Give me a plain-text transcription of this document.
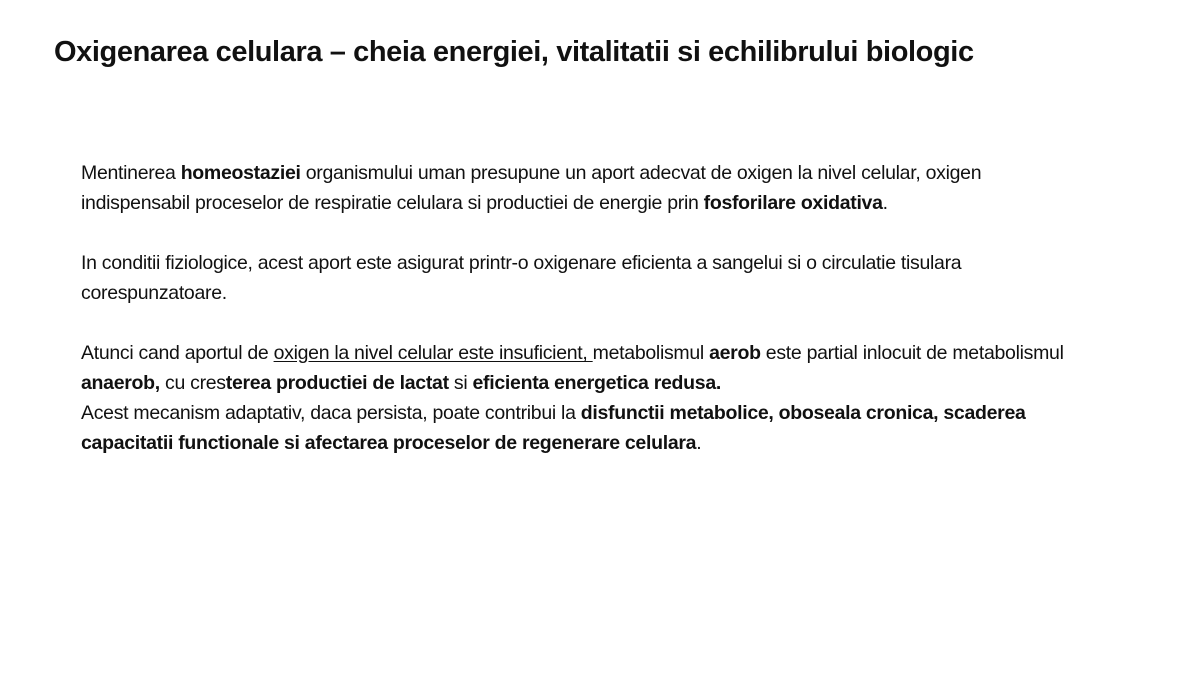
Oxigenarea celulara – cheia energiei, vitalitatii si echilibrului biologic

Mentinerea homeostaziei organismului uman presupune un aport adecvat de oxigen la nivel celular, oxigen indispensabil proceselor de respiratie celulara si productiei de energie prin fosforilare oxidativa.

In conditii fiziologice, acest aport este asigurat printr-o oxigenare eficienta a sangelui si o circulatie tisulara corespunzatoare.

Atunci cand aportul de oxigen la nivel celular este insuficient, metabolismul aerob este partial inlocuit de metabolismul anaerob, cu cresterea productiei de lactat si eficienta energetica redusa.

Acest mecanism adaptativ, daca persista, poate contribui la disfunctii metabolice, oboseala cronica, scaderea capacitatii functionale si afectarea proceselor de regenerare celulara.
